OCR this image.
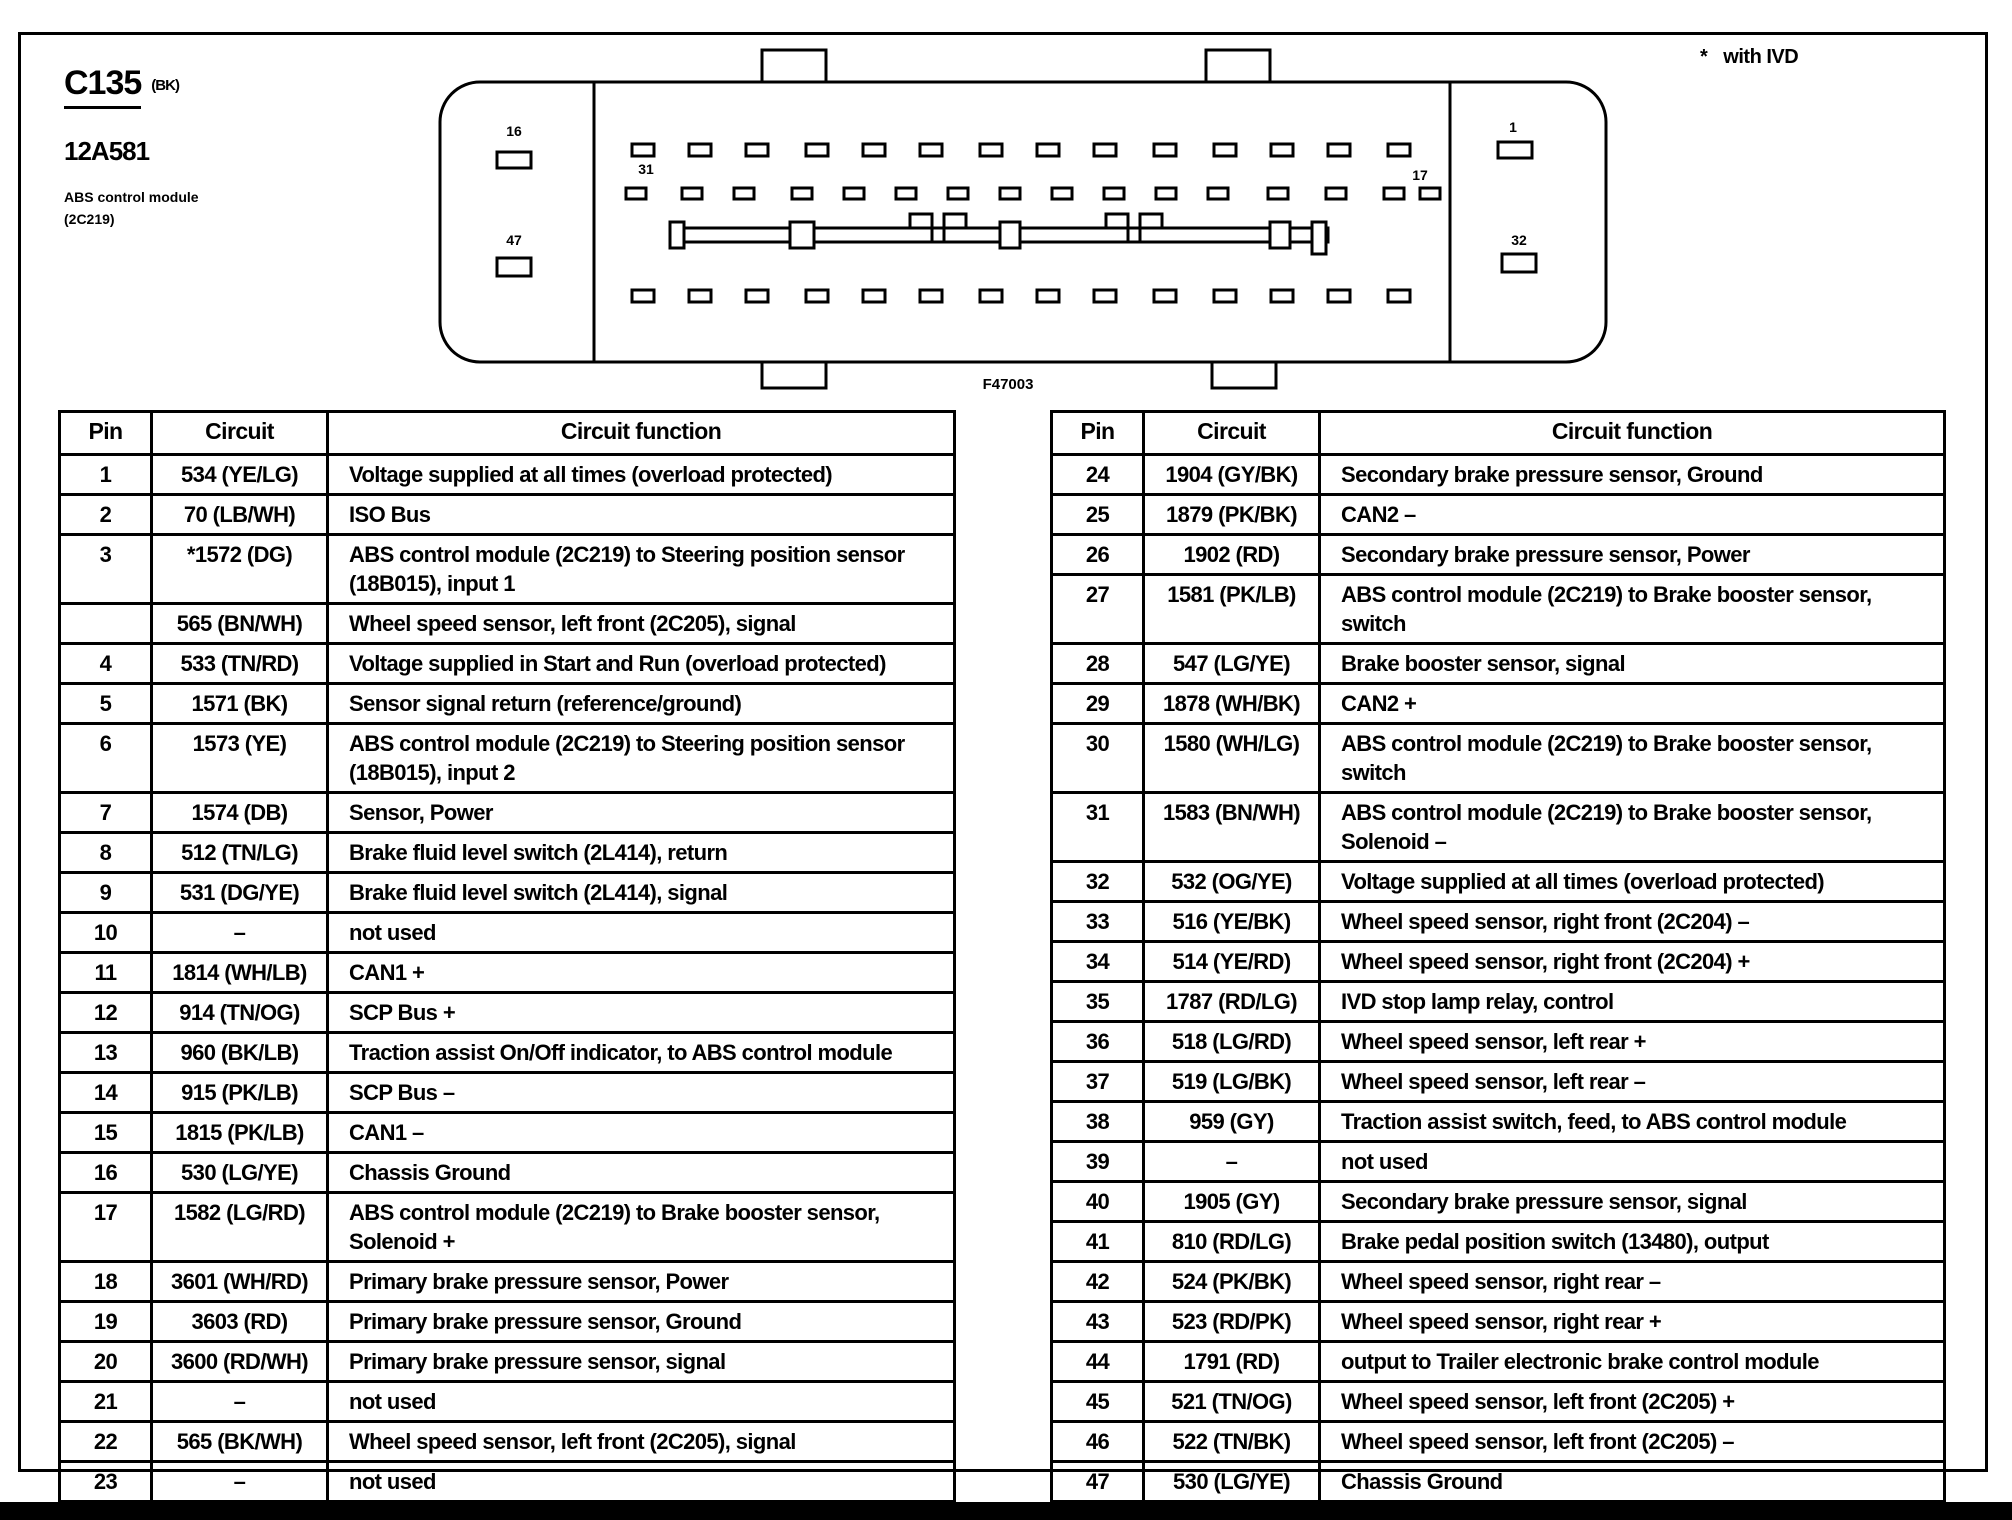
C135 (BK)
12A581
ABS control module
(2C219)
* with IVD
16
47
31	17
1
32
F47003
Pin	Circuit	Circuit function
1	534 (YE/LG)	Voltage supplied at all times (overload protected)
2	70 (LB/WH)	ISO Bus
3	*1572 (DG)	ABS control module (2C219) to Steering position sensor (18B015), input 1
	565 (BN/WH)	Wheel speed sensor, left front (2C205), signal
4	533 (TN/RD)	Voltage supplied in Start and Run (overload protected)
5	1571 (BK)	Sensor signal return (reference/ground)
6	1573 (YE)	ABS control module (2C219) to Steering position sensor (18B015), input 2
7	1574 (DB)	Sensor, Power
8	512 (TN/LG)	Brake fluid level switch (2L414), return
9	531 (DG/YE)	Brake fluid level switch (2L414), signal
10	–	not used
11	1814 (WH/LB)	CAN1 +
12	914 (TN/OG)	SCP Bus +
13	960 (BK/LB)	Traction assist On/Off indicator, to ABS control module
14	915 (PK/LB)	SCP Bus –
15	1815 (PK/LB)	CAN1 –
16	530 (LG/YE)	Chassis Ground
17	1582 (LG/RD)	ABS control module (2C219) to Brake booster sensor, Solenoid +
18	3601 (WH/RD)	Primary brake pressure sensor, Power
19	3603 (RD)	Primary brake pressure sensor, Ground
20	3600 (RD/WH)	Primary brake pressure sensor, signal
21	–	not used
22	565 (BK/WH)	Wheel speed sensor, left front (2C205), signal
23	–	not used
Pin	Circuit	Circuit function
24	1904 (GY/BK)	Secondary brake pressure sensor, Ground
25	1879 (PK/BK)	CAN2 –
26	1902 (RD)	Secondary brake pressure sensor, Power
27	1581 (PK/LB)	ABS control module (2C219) to Brake booster sensor, switch
28	547 (LG/YE)	Brake booster sensor, signal
29	1878 (WH/BK)	CAN2 +
30	1580 (WH/LG)	ABS control module (2C219) to Brake booster sensor, switch
31	1583 (BN/WH)	ABS control module (2C219) to Brake booster sensor, Solenoid –
32	532 (OG/YE)	Voltage supplied at all times (overload protected)
33	516 (YE/BK)	Wheel speed sensor, right front (2C204) –
34	514 (YE/RD)	Wheel speed sensor, right front (2C204) +
35	1787 (RD/LG)	IVD stop lamp relay, control
36	518 (LG/RD)	Wheel speed sensor, left rear +
37	519 (LG/BK)	Wheel speed sensor, left rear –
38	959 (GY)	Traction assist switch, feed, to ABS control module
39	–	not used
40	1905 (GY)	Secondary brake pressure sensor, signal
41	810 (RD/LG)	Brake pedal position switch (13480), output
42	524 (PK/BK)	Wheel speed sensor, right rear –
43	523 (RD/PK)	Wheel speed sensor, right rear +
44	1791 (RD)	output to Trailer electronic brake control module
45	521 (TN/OG)	Wheel speed sensor, left front (2C205) +
46	522 (TN/BK)	Wheel speed sensor, left front (2C205) –
47	530 (LG/YE)	Chassis Ground
